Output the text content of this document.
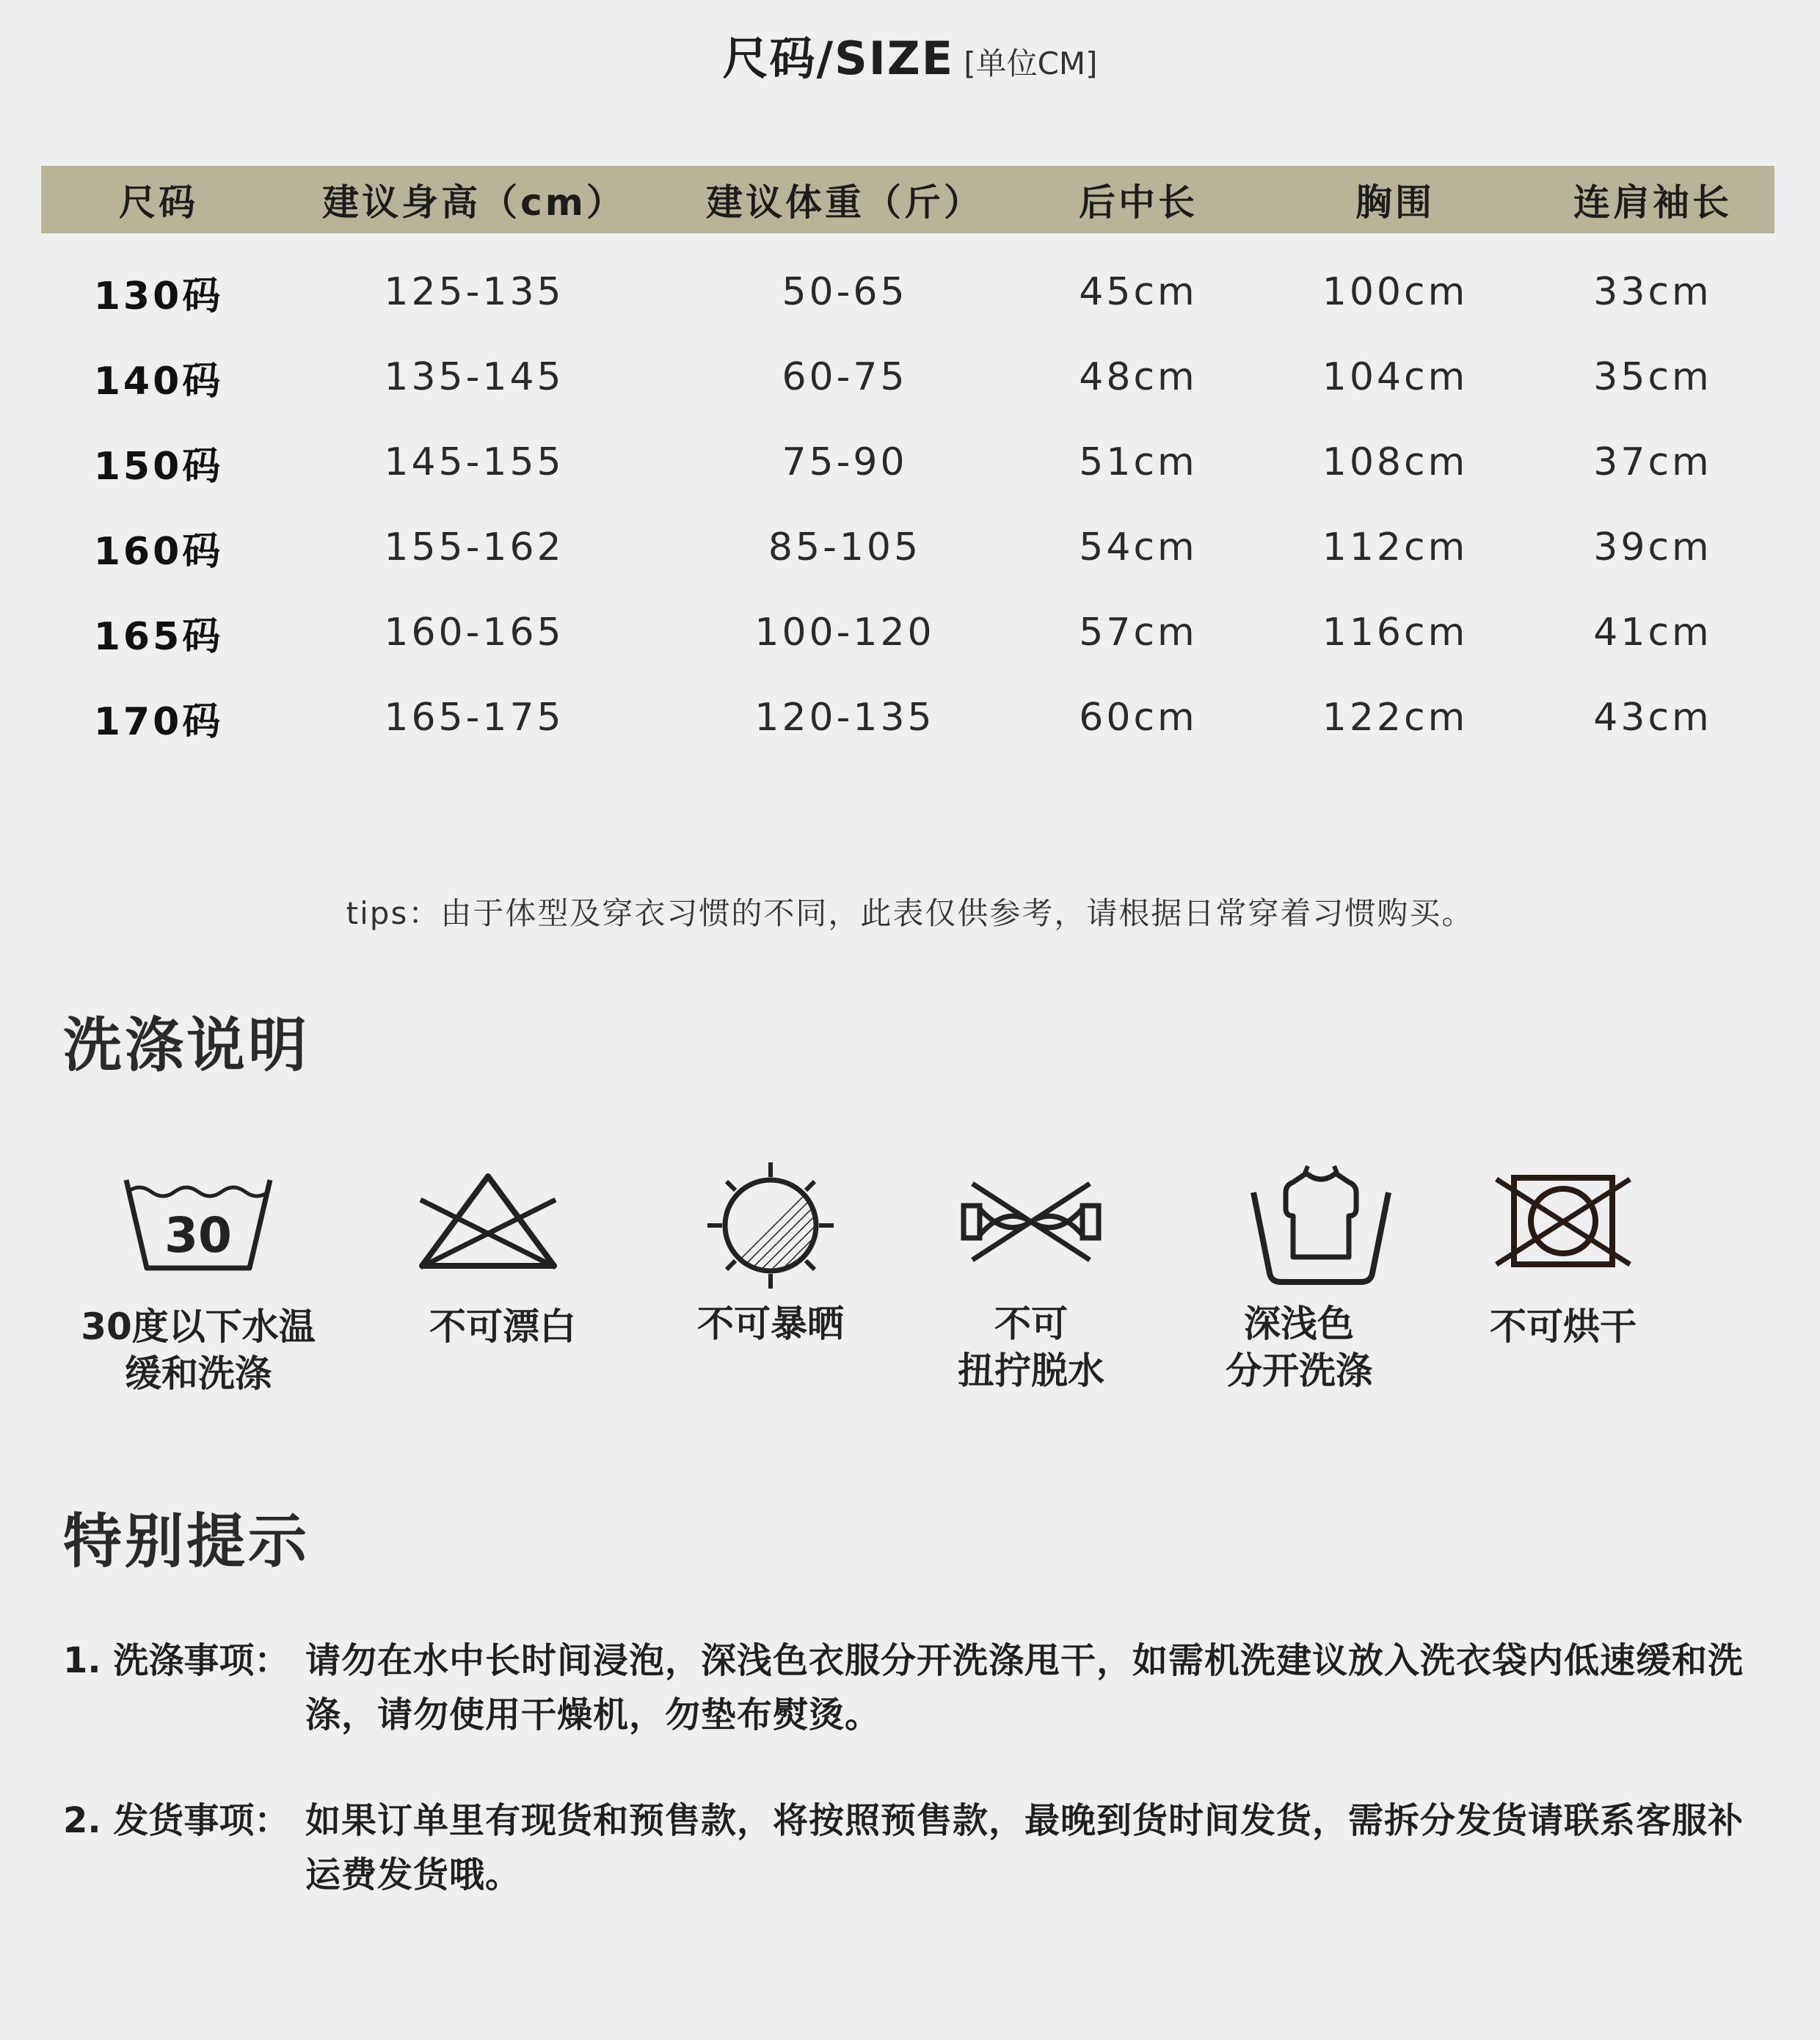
尺码/SIZE [单位CM]
尺码	建议身高（cm）	建议体重（斤）	后中长	胸围	连肩袖长
130码	125-135	50-65	45cm	100cm	33cm
140码	135-145	60-75	48cm	104cm	35cm
150码	145-155	75-90	51cm	108cm	37cm
160码	155-162	85-105	54cm	112cm	39cm
165码	160-165	100-120	57cm	116cm	41cm
170码	165-175	120-135	60cm	122cm	43cm
tips：由于体型及穿衣习惯的不同，此表仅供参考，请根据日常穿着习惯购买。
洗涤说明
30
30度以下水温
缓和洗涤
不可漂白	不可暴晒	不可
扭拧脱水
深浅色
分开洗涤
不可烘干
特别提示
1. 洗涤事项： 请勿在水中长时间浸泡，深浅色衣服分开洗涤甩干，如需机洗建议放入洗衣袋内低速缓和洗涤，请勿使用干燥机，勿垫布熨烫。
2. 发货事项： 如果订单里有现货和预售款，将按照预售款，最晚到货时间发货，需拆分发货请联系客服补运费发货哦。
